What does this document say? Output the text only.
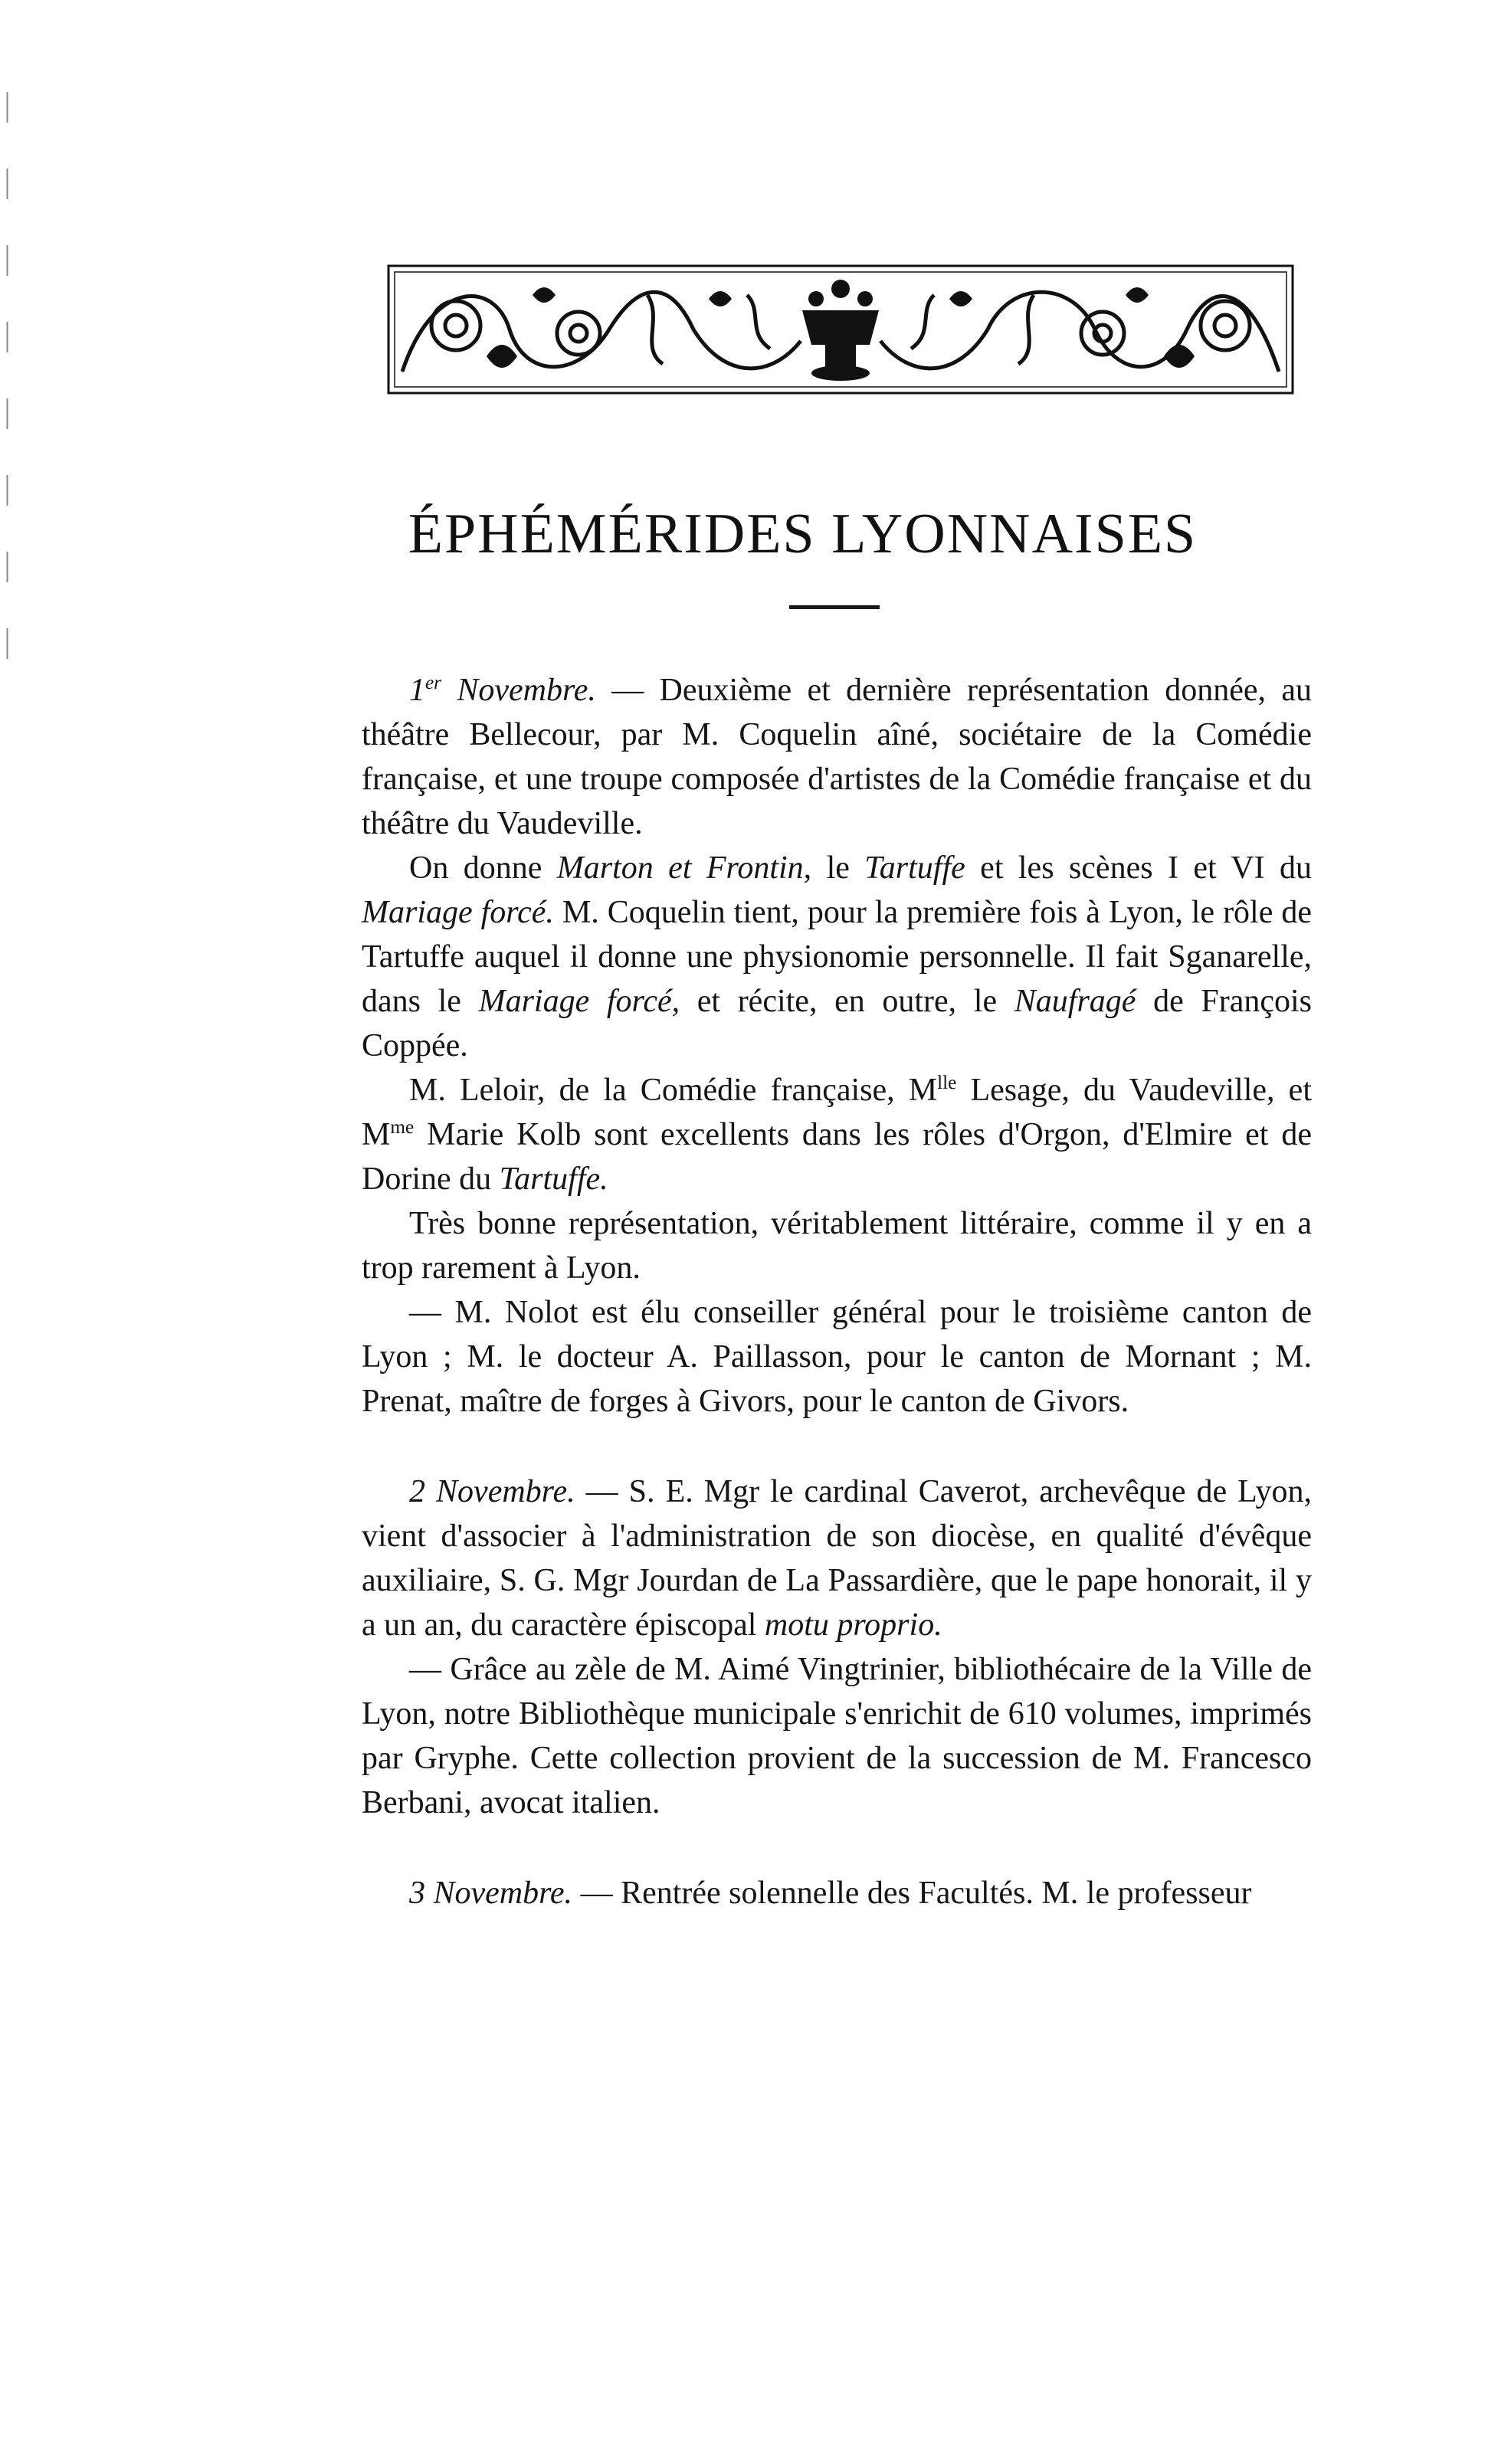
ÉPHÉMÉRIDES LYONNAISES

1er Novembre. — Deuxième et dernière représentation donnée, au théâtre Bellecour, par M. Coquelin aîné, sociétaire de la Comédie française, et une troupe composée d'artistes de la Comédie française et du théâtre du Vaudeville.

On donne Marton et Frontin, le Tartuffe et les scènes I et VI du Mariage forcé. M. Coquelin tient, pour la première fois à Lyon, le rôle de Tartuffe auquel il donne une physionomie personnelle. Il fait Sganarelle, dans le Mariage forcé, et récite, en outre, le Naufragé de François Coppée.

M. Leloir, de la Comédie française, $M^{lle}$ Lesage, du Vaudeville, et $M^{me}$ Marie Kolb sont excellents dans les rôles d'Orgon, d'Elmire et de Dorine du Tartuffe.

Très bonne représentation, véritablement littéraire, comme il y en a trop rarement à Lyon.

— M. Nolot est élu conseiller général pour le troisième canton de Lyon ; M. le docteur A. Paillasson, pour le canton de Mornant ; M. Prenat, maître de forges à Givors, pour le canton de Givors.

2 Novembre. — S. E. Mgr le cardinal Caverot, archevêque de Lyon, vient d'associer à l'administration de son diocèse, en qualité d'évêque auxiliaire, S. G. Mgr Jourdan de La Passardière, que le pape honorait, il y a un an, du caractère épiscopal motu proprio.

— Grâce au zèle de M. Aimé Vingtrinier, bibliothécaire de la Ville de Lyon, notre Bibliothèque municipale s'enrichit de 610 volumes, imprimés par Gryphe. Cette collection provient de la succession de M. Francesco Berbani, avocat italien.

3 Novembre. — Rentrée solennelle des Facultés. M. le professeur
